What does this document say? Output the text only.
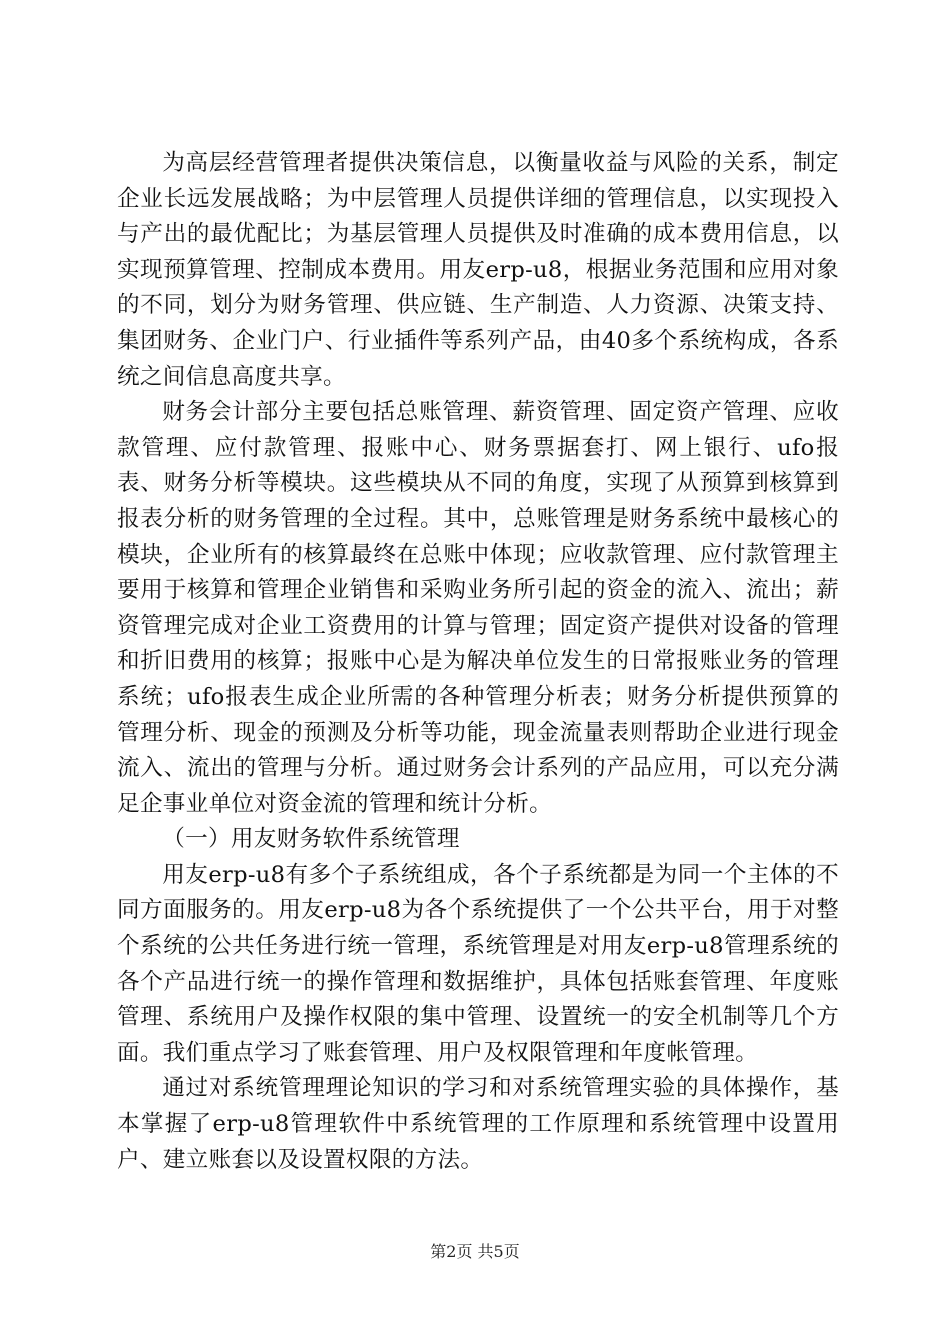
为高层经营管理者提供决策信息，以衡量收益与风险的关系，制定企业长远发展战略；为中层管理人员提供详细的管理信息，以实现投入与产出的最优配比；为基层管理人员提供及时准确的成本费用信息，以实现预算管理、控制成本费用。用友erp-u8，根据业务范围和应用对象的不同，划分为财务管理、供应链、生产制造、人力资源、决策支持、集团财务、企业门户、行业插件等系列产品，由40多个系统构成，各系统之间信息高度共享。

财务会计部分主要包括总账管理、薪资管理、固定资产管理、应收款管理、应付款管理、报账中心、财务票据套打、网上银行、ufo报表、财务分析等模块。这些模块从不同的角度，实现了从预算到核算到报表分析的财务管理的全过程。其中，总账管理是财务系统中最核心的模块，企业所有的核算最终在总账中体现；应收款管理、应付款管理主要用于核算和管理企业销售和采购业务所引起的资金的流入、流出；薪资管理完成对企业工资费用的计算与管理；固定资产提供对设备的管理和折旧费用的核算；报账中心是为解决单位发生的日常报账业务的管理系统；ufo报表生成企业所需的各种管理分析表；财务分析提供预算的管理分析、现金的预测及分析等功能，现金流量表则帮助企业进行现金流入、流出的管理与分析。通过财务会计系列的产品应用，可以充分满足企事业单位对资金流的管理和统计分析。

（一）用友财务软件系统管理

用友erp-u8有多个子系统组成，各个子系统都是为同一个主体的不同方面服务的。用友erp-u8为各个系统提供了一个公共平台，用于对整个系统的公共任务进行统一管理，系统管理是对用友erp-u8管理系统的各个产品进行统一的操作管理和数据维护，具体包括账套管理、年度账管理、系统用户及操作权限的集中管理、设置统一的安全机制等几个方面。我们重点学习了账套管理、用户及权限管理和年度帐管理。

通过对系统管理理论知识的学习和对系统管理实验的具体操作，基本掌握了erp-u8管理软件中系统管理的工作原理和系统管理中设置用户、建立账套以及设置权限的方法。

第2页 共5页
